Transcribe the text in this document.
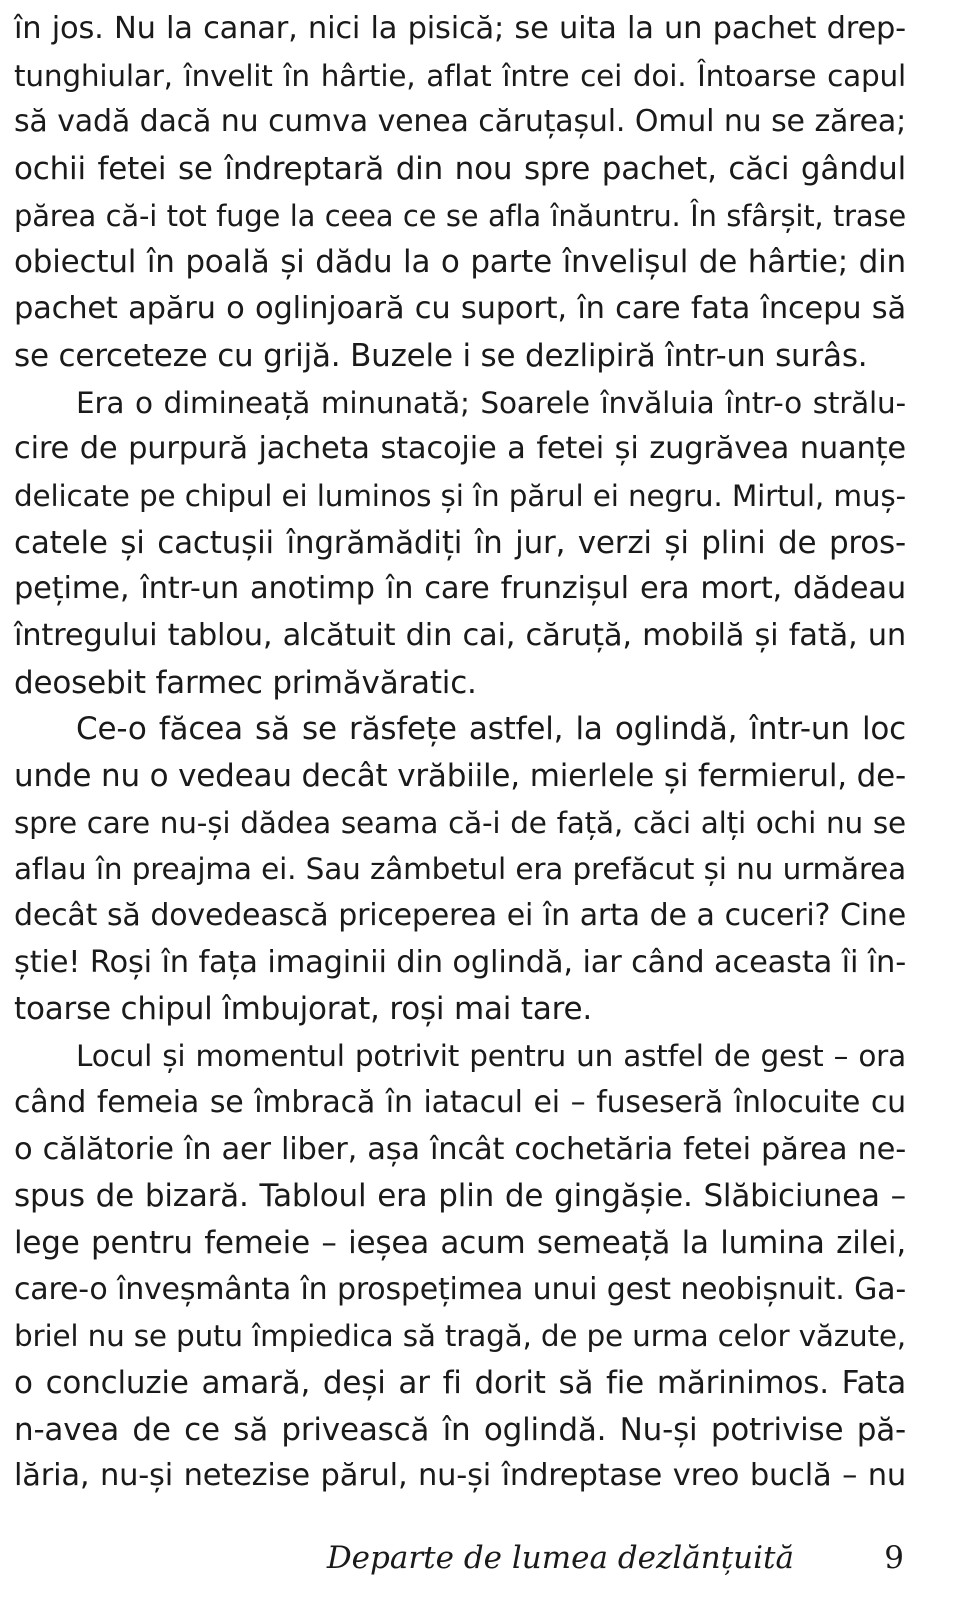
în jos. Nu la canar, nici la pisică; se uita la un pachet drep-
tunghiular, învelit în hârtie, aflat între cei doi. Întoarse capul
să vadă dacă nu cumva venea căruțașul. Omul nu se zărea;
ochii fetei se îndreptară din nou spre pachet, căci gândul
părea că-i tot fuge la ceea ce se afla înăuntru. În sfârșit, trase
obiectul în poală și dădu la o parte învelișul de hârtie; din
pachet apăru o oglinjoară cu suport, în care fata începu să
se cerceteze cu grijă. Buzele i se dezlipiră într-un surâs.
Era o dimineață minunată; Soarele învăluia într-o strălu-
cire de purpură jacheta stacojie a fetei și zugrăvea nuanțe
delicate pe chipul ei luminos și în părul ei negru. Mirtul, muș-
catele și cactușii îngrămădiți în jur, verzi și plini de pros-
pețime, într-un anotimp în care frunzișul era mort, dădeau
întregului tablou, alcătuit din cai, căruță, mobilă și fată, un
deosebit farmec primăvăratic.
Ce-o făcea să se răsfețe astfel, la oglindă, într-un loc
unde nu o vedeau decât vrăbiile, mierlele și fermierul, de-
spre care nu-și dădea seama că-i de față, căci alți ochi nu se
aflau în preajma ei. Sau zâmbetul era prefăcut și nu urmărea
decât să dovedească priceperea ei în arta de a cuceri? Cine
știe! Roși în fața imaginii din oglindă, iar când aceasta îi în-
toarse chipul îmbujorat, roși mai tare.
Locul și momentul potrivit pentru un astfel de gest – ora
când femeia se îmbracă în iatacul ei – fuseseră înlocuite cu
o călătorie în aer liber, așa încât cochetăria fetei părea ne-
spus de bizară. Tabloul era plin de gingășie. Slăbiciunea –
lege pentru femeie – ieșea acum semeață la lumina zilei,
care-o înveșmânta în prospețimea unui gest neobișnuit. Ga-
briel nu se putu împiedica să tragă, de pe urma celor văzute,
o concluzie amară, deși ar fi dorit să fie mărinimos. Fata
n-avea de ce să privească în oglindă. Nu-și potrivise pă-
lăria, nu-și netezise părul, nu-și îndreptase vreo buclă – nu
Departe de lumea dezlănțuită	9
